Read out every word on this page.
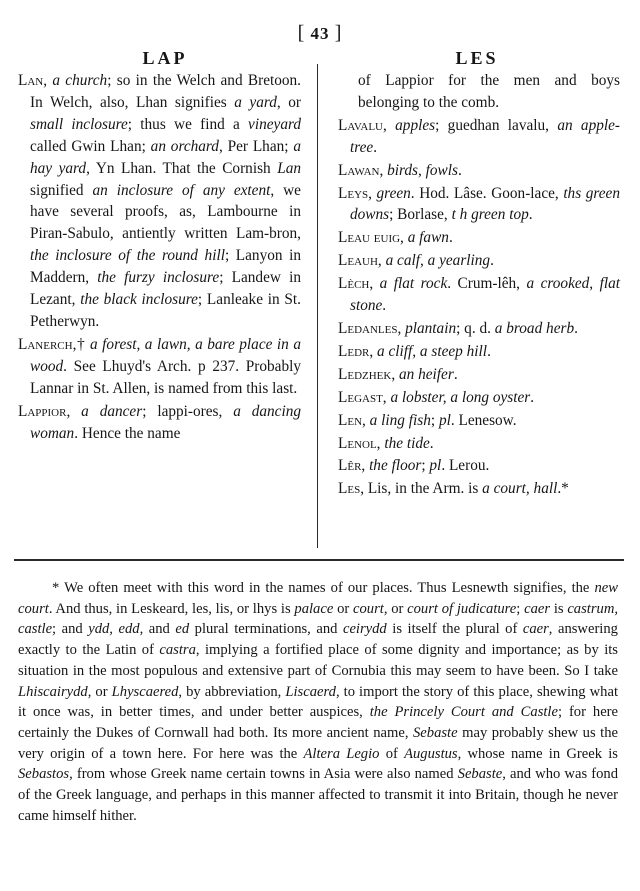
[ 43 ]
LAP	LES
Lan, a church; so in the Welch and Bretoon. In Welch, also, Lhan signifies a yard, or small inclosure; thus we find a vineyard called Gwin Lhan; an orchard, Per Lhan; a hay yard, Yn Lhan. That the Cornish Lan signified an inclosure of any extent, we have several proofs, as, Lambourne in Piran-Sabulo, antiently written Lam-bron, the inclosure of the round hill; Lanyon in Maddern, the furzy inclosure; Landew in Lezant, the black inclosure; Lanleake in St. Petherwyn.
Lanerch,† a forest, a lawn, a bare place in a wood. See Lhuyd's Arch. p 237. Probably Lannar in St. Allen, is named from this last.
Lappior, a dancer; lappi-ores, a dancing woman. Hence the name
of Lappior for the men and boys belonging to the comb.
Lavalu, apples; guedhan lavalu, an apple-tree.
Lawan, birds, fowls.
Leys, green. Hod. Lâse. Goon-lace, ths green downs; Borlase, t h green top.
Leau euig, a fawn.
Leauh, a calf, a yearling.
Lèch, a flat rock. Crum-lêh, a crooked, flat stone.
Ledanles, plantain; q. d. a broad herb.
Ledr, a cliff, a steep hill.
Ledzhek, an heifer.
Legast, a lobster, a long oyster.
Len, a ling fish; pl. Lenesow.
Lenol, the tide.
Lêr, the floor; pl. Lerou.
Les, Lis, in the Arm. is a court, hall.*
* We often meet with this word in the names of our places. Thus Lesnewth signifies, the new court. And thus, in Leskeard, les, lis, or lhys is palace or court, or court of judicature; caer is castrum, castle; and ydd, edd, and ed plural terminations, and ceirydd is itself the plural of caer, answering exactly to the Latin of castra, implying a fortified place of some dignity and importance; as by its situation in the most populous and extensive part of Cornubia this may seem to have been. So I take Lhiscairydd, or Lhyscaered, by abbreviation, Liscaerd, to import the story of this place, shewing what it once was, in better times, and under better auspices, the Princely Court and Castle; for here certainly the Dukes of Cornwall had both. Its more ancient name, Sebaste may probably shew us the very origin of a town here. For here was the Altera Legio of Augustus, whose name in Greek is Sebastos, from whose Greek name certain towns in Asia were also named Sebaste, and who was fond of the Greek language, and perhaps in this manner affected to transmit it into Britain, though he never came himself hither.
